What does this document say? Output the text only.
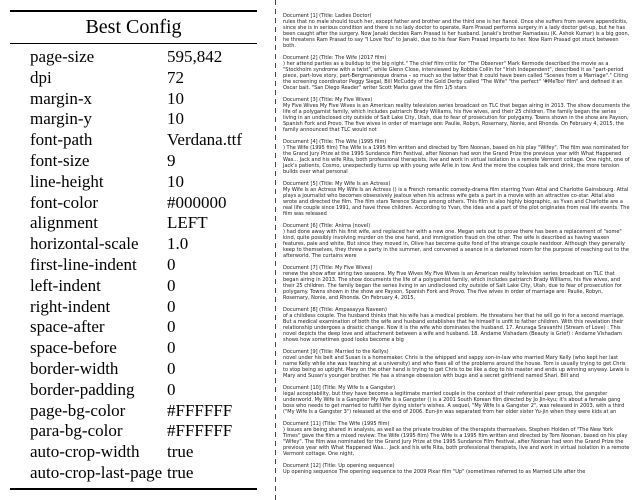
Best Config
page-size	595,842
dpi	72
margin-x	10
margin-y	10
font-path	Verdana.ttf
font-size	9
line-height	10
font-color	#000000
alignment	LEFT
horizontal-scale	1.0
first-line-indent	0
left-indent	0
right-indent	0
space-after	0
space-before	0
border-width	0
border-padding	0
page-bg-color	#FFFFFF
para-bg-color	#FFFFFF
auto-crop-width	true
auto-crop-last-page true
Document [1] (Title: Ladies Doctor)
rules that no male should touch her, except father and brother and the third one is her fiancé. Once she suffers from severe appendicitis, since she is in serious condition and there is no lady doctor to operate, Ram Prasad performs surgery in a lady doctor get-up, but he has been caught after the surgery. Now Janaki decides Ram Prasad is her husband. Janaki's brother Ramadasu (K. Ashok Kumar) is a big goon, he threatens Ram Prasad to say "I Love You" to Janaki, due to his fear Ram Prasad imparts to her. Now Ram Prasad got stuck between both.
Document [2] (Title: The Wife (2017 film)
) her attend parties as a buildup to the big night." The chief film critic for "The Observer" Mark Kermode described the movie as a "Stockholm syndrome with a twist", while Glenn Close, interviewed by Robbie Collin for "Irish Independent", described it as "part-period piece, part-love story, part-Bergmanesque drama – so much so the latter that it could have been called "Scenes from a Marriage"." Citing the screening coordinator Peggy Siegal, Bill McCuddy of the Gold Derby called "The Wife" "the perfect" '#MeToo' film" and defined it an Oscar bait. "San Diego Reader" writer Scott Marks gave the film 1/5 stars
Document [3] (Title: My Five Wives)
My Five Wives My Five Wives is an American reality television series broadcast on TLC that began airing in 2013. The show documents the life of a polygamist family, which includes patriarch Brady Williams, his five wives, and their 25 children. The family began the series living in an undisclosed city outside of Salt Lake City, Utah, due to fear of prosecution for polygamy. Towns shown in the show are Payson, Spanish Fork and Provo. The five wives in order of marriage are: Paulie, Robyn, Rosemary, Nonie, and Rhonda. On February 4, 2015, the family announced that TLC would not
Document [4] (Title: The Wife (1995 film)
) The Wife (1995 film) The Wife is a 1995 film written and directed by Tom Noonan, based on his play "Wifey". The film was nominated for the Grand Jury Prize at the 1995 Sundance Film Festival, after Noonan had won the Grand Prize the previous year with What Happened Was... Jack and his wife Rita, both professional therapists, live and work in virtual isolation in a remote Vermont cottage. One night, one of Jack's patients, Cosmo, unexpectedly turns up with young wife Arlie in tow. And the more the couples talk and drink, the more tension builds over what personal
Document [5] (Title: My Wife Is an Actress)
My Wife Is an Actress My Wife Is an Actress () is a French romantic comedy-drama film starring Yvan Attal and Charlotte Gainsbourg. Attal plays a journalist who becomes obsessively jealous when his actress wife gets a part in a movie with an attractive co-star. Attal also wrote and directed the film. The film stars Terence Stamp among others. This film is also highly biographic, as Yvan and Charlotte are a real life couple since 1991, and have three children. According to Yvan, the idea and a part of the plot originates from real life events. The film was released
Document [6] (Title: Anima (novel)
) had done away with his first wife, and replaced her with a new one. Megan sets out to prove there has been a replacement of "some" kind, quite possibly involving murder on the one hand, and immigration fraud on the other. The wife is described as having waxen features, pale and white. But since they moved in, Olive has become quite fond of the strange couple nextdoor. Although they generally keep to themselves, they threw a party in the summer, and convened a seance in a darkened room for the purpose of reaching out to the afterworld. The curtains were
Document [7] (Title: My Five Wives)
renew the show after airing two seasons. My Five Wives My Five Wives is an American reality television series broadcast on TLC that began airing in 2013. The show documents the life of a polygamist family, which includes patriarch Brady Williams, his five wives, and their 25 children. The family began the series living in an undisclosed city outside of Salt Lake City, Utah, due to fear of prosecution for polygamy. Towns shown in the show are Payson, Spanish Fork and Provo. The five wives in order of marriage are: Paulie, Robyn, Rosemary, Nonie, and Rhonda. On February 4, 2015,
Document [8] (Title: Ampasayya Naveen)
of a childless couple. The husband thinks that his wife has a medical problem. He threatens her that he will go in for a second marriage. But a medical examination of both the wife and husband establishes that he himself is unfit to father children. With this revelation their relationship undergoes a drastic change. Now it is the wife who dominates the husband. 17. Anuraga Sravanthi (Stream of Love) : This novel depicts the deep love and attachment between a wife and husband. 18. Andame Vishadam (Beauty is Grief) : Andame Vishadam shows how sometimes good looks become a big
Document [9] (Title: Married to the Kellys)
novel under his belt and Susan is a homemaker. Chris is the whipped and sappy son-in-law who married Mary Kelly (who kept her last name Kelly while she was teaching at a university) and who fixes all of the problems around the house. Tom is usually trying to get Chris to stop being so uptight. Mary on the other hand is trying to get Chris to be like a dog to his master and ends up winning anyway. Lewis is Mary and Susan's younger brother. He has a strange obsession with bugs and a secret girlfriend named Shari. Bill and
Document [10] (Title: My Wife Is a Gangster)
legal acceptability, but they have become a legitimate married couple in the context of their referential peer group, the gangster underworld. My Wife Is a Gangster My Wife Is a Gangster () is a 2001 South Korean film directed by Jo Jin-kyu; it's about a female gang boss who needs to get married to fulfill her dying sister's wishes. A sequel, "My Wife Is a Gangster 2", was released in 2003, with a third ("My Wife Is a Gangster 3") released at the end of 2006. Eun-jin was separated from her older sister Yu-jin when they were kids at an
Document [11] (Title: The Wife (1995 film)
) issues are being shared in analysis, as well as the private troubles of the therapists themselves. Stephen Holden of "The New York Times" gave the film a mixed review: The Wife (1995 film) The Wife is a 1995 film written and directed by Tom Noonan, based on his play "Wifey". The film was nominated for the Grand Jury Prize at the 1995 Sundance Film Festival, after Noonan had won the Grand Prize the previous year with What Happened Was... Jack and his wife Rita, both professional therapists, live and work in virtual isolation in a remote Vermont cottage. One night,
Document [12] (Title: Up opening sequence)
Up opening sequence The opening sequence to the 2009 Pixar film "Up" (sometimes referred to as Married Life after the
